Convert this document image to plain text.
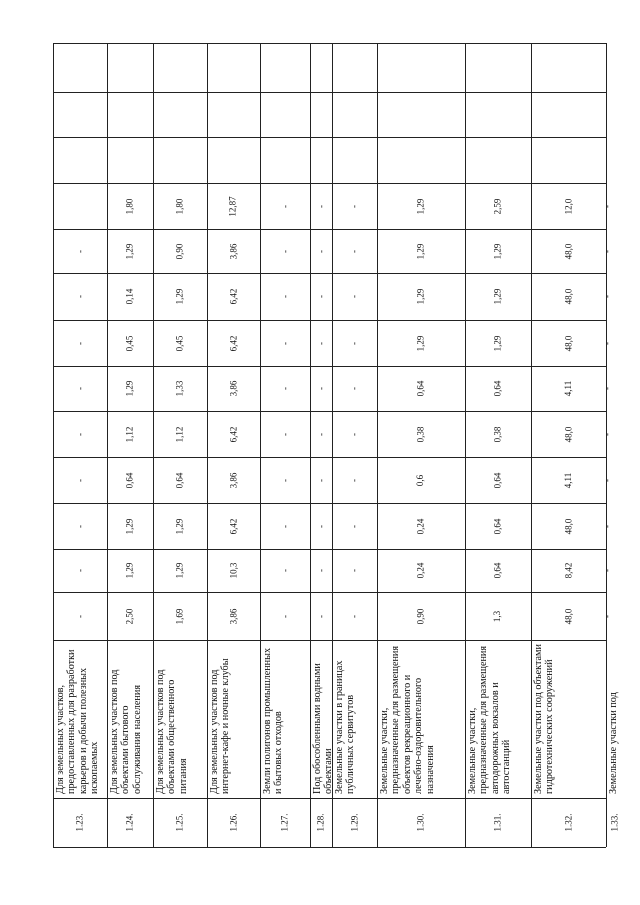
1.23.
Для земельных участков, предоставленных для разработки карьеров и добычи полезных ископаемых
-
-
-
-
-
-
-
-
-
1.24.
Для земельных участков под объектами бытового обслуживания населения
2,50
1,29
1,29
0,64
1,12
1,29
0,45
0,14
1,29
1,80
1.25.
Для земельных участков под объектами общественного питания
1,69
1,29
1,29
0,64
1,12
1,33
0,45
1,29
0,90
1,80
1.26.
Для земельных участков под интернет-кафе и ночные клубы
3,86
10,3
6,42
3,86
6,42
3,86
6,42
6,42
3,86
12,87
1.27.
Земли полигонов промышленных и бытовых отходов
-
-
-
-
-
-
-
-
-
-
1.28.
Под обособленными водными объектами
-
-
-
-
-
-
-
-
-
-
1.29.
Земельные участки в границах публичных сервитутов
-
-
-
-
-
-
-
-
-
-
1.30.
Земельные участки, предназначенные для размещения объектов рекреационного и лечебно-оздоровительного назначения
0,90
0,24
0,24
0,6
0,38
0,64
1,29
1,29
1,29
1,29
1.31.
Земельные участки, предназначенные для размещения автодорожных вокзалов и автостанций
1,3
0,64
0,64
0,64
0,38
0,64
1,29
1,29
1,29
2,59
1.32.
Земельные участки под объектами гидротехнических сооружений
48,0
8,42
48,0
4,11
48,0
4,11
48,0
48,0
48,0
12,0
1.33.
Земельные участки под
-
-
-
-
-
-
-
-
-
-
